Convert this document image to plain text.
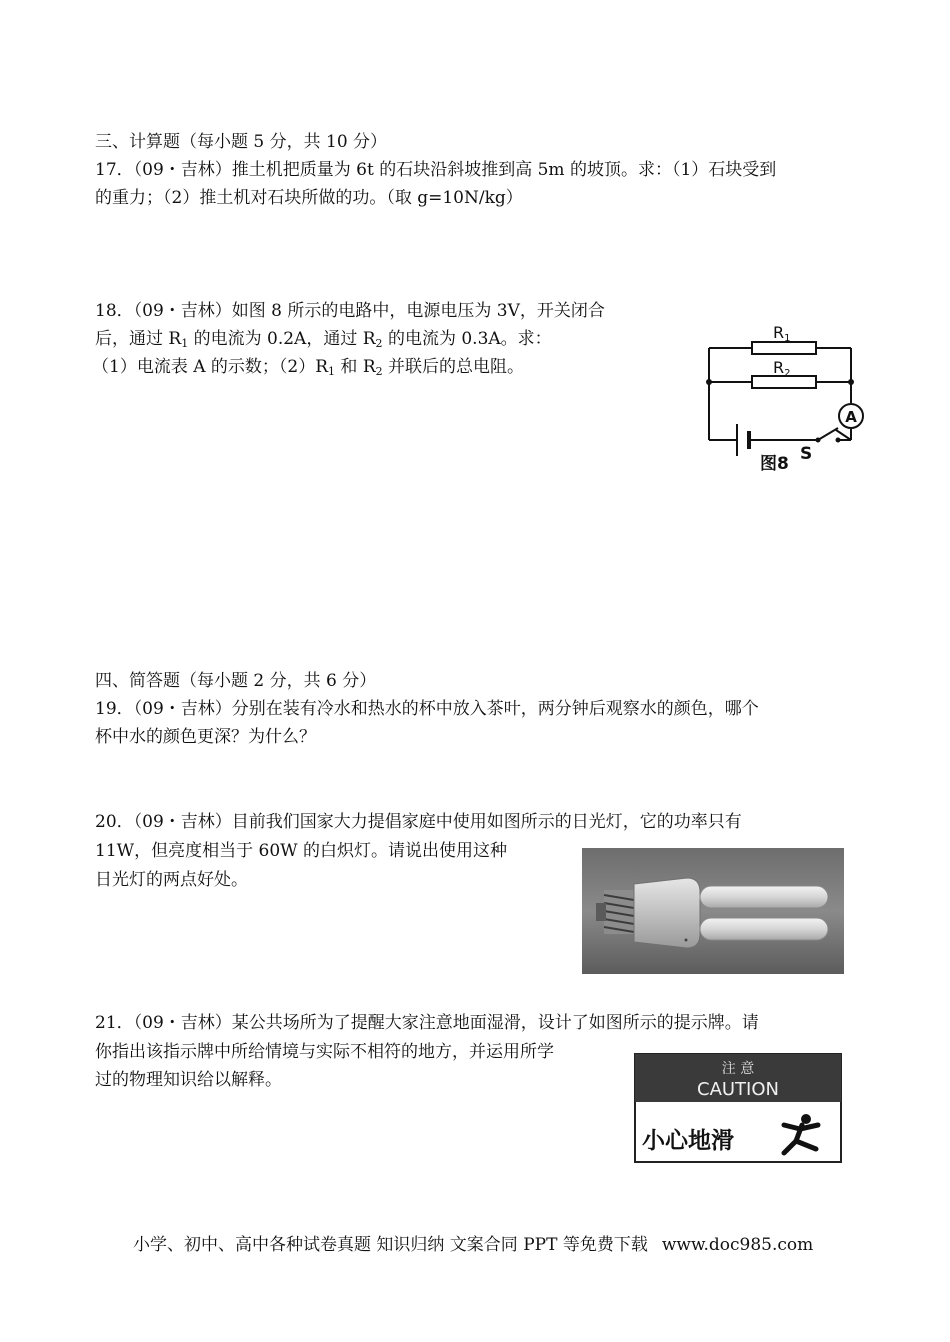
三、计算题（每小题 5 分，共 10 分）
17．（09・吉林）推土机把质量为 6t 的石块沿斜坡推到高 5m 的坡顶。求：（1）石块受到
的重力；（2）推土机对石块所做的功。（取 g=10N/kg）
18．（09・吉林）如图 8 所示的电路中，电源电压为 3V，开关闭合
后，通过 $R_1$ 的电流为 0.2A，通过 $R_2$ 的电流为 0.3A。求：
（1）电流表 A 的示数；$(2)R_1$ 和 $R_2$ 并联后的总电阻。
A
R1
R2
S
图8
四、简答题（每小题 2 分，共 6 分）
19．（09・吉林）分别在装有冷水和热水的杯中放入茶叶，两分钟后观察水的颜色，哪个
杯中水的颜色更深？为什么？
20．（09・吉林）目前我们国家大力提倡家庭中使用如图所示的日光灯，它的功率只有
11W，但亮度相当于 60W 的白炽灯。请说出使用这种
日光灯的两点好处。
21．（09・吉林）某公共场所为了提醒大家注意地面湿滑，设计了如图所示的提示牌。请
你指出该指示牌中所给情境与实际不相符的地方，并运用所学
过的物理知识给以解释。
注 意
CAUTION
小心地滑
小学、初中、高中各种试卷真题 知识归纳 文案合同 PPT 等免费下载 www.doc985.com
